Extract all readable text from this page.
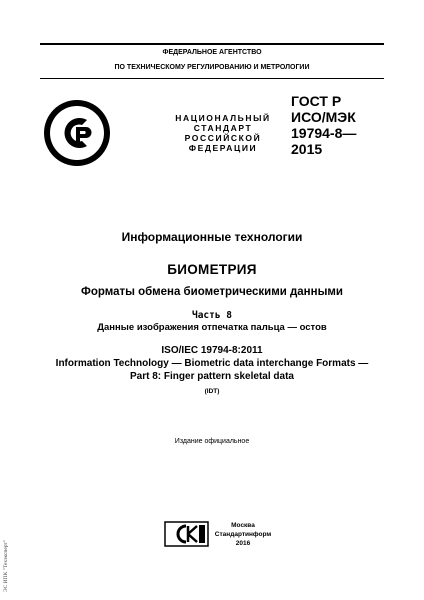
ФЕДЕРАЛЬНОЕ АГЕНТСТВО
ПО ТЕХНИЧЕСКОМУ РЕГУЛИРОВАНИЮ И МЕТРОЛОГИИ
НАЦИОНАЛЬНЫЙ
СТАНДАРТ
РОССИЙСКОЙ
ФЕДЕРАЦИИ
ГОСТ Р
ИСО/МЭК
19794-8—
2015
Информационные технологии
БИОМЕТРИЯ
Форматы обмена биометрическими данными
Часть 8
Данные изображения отпечатка пальца — остов
ISO/IEC 19794-8:2011
Information Technology — Biometric data interchange Formats —
Part 8: Finger pattern skeletal data
(IDT)
Издание официальное
Москва
Стандартинформ
2016
ЭС ИПК "Техэксперт"
